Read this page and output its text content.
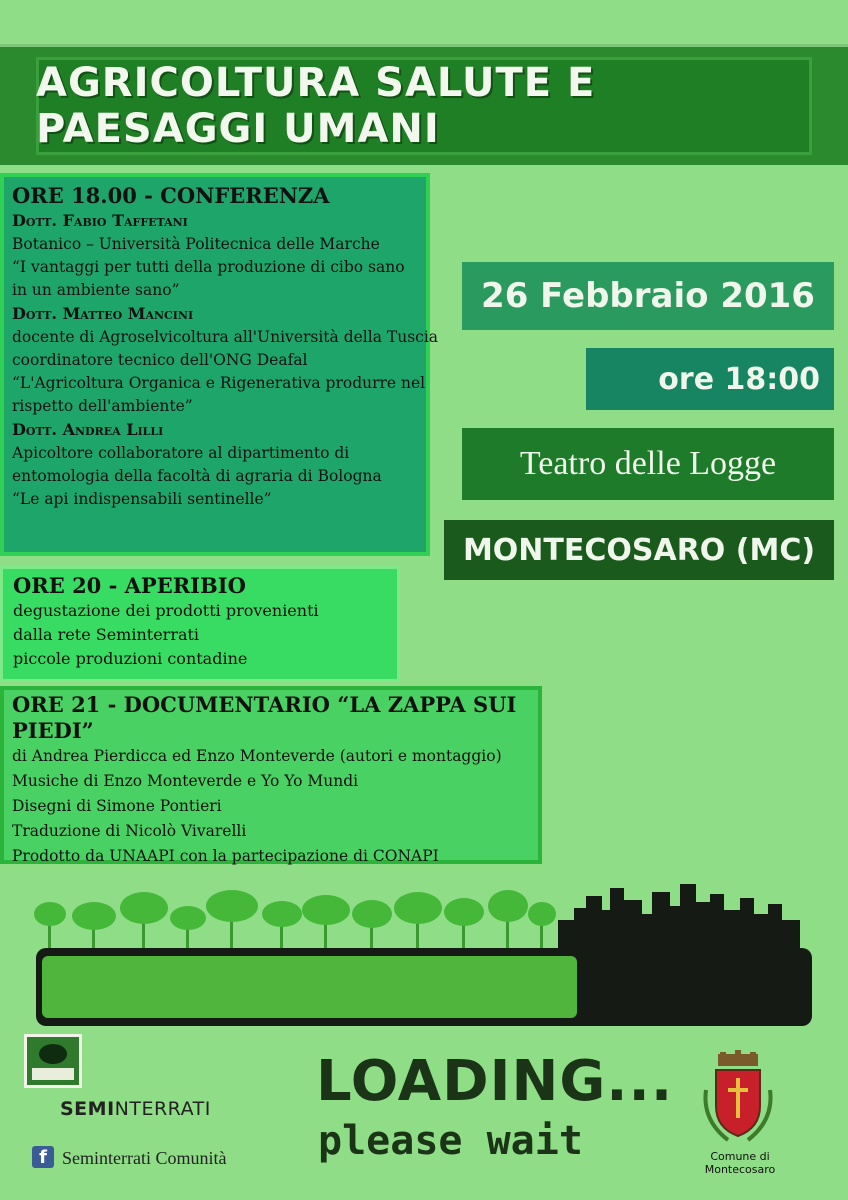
AGRICOLTURA SALUTE E PAESAGGI UMANI
ORE 18.00 - CONFERENZA
Dott. Fabio Taffetani
Botanico – Università Politecnica delle Marche
“I vantaggi per tutti della produzione di cibo sano
in un ambiente sano”
Dott. Matteo Mancini
docente di Agroselvicoltura all'Università della Tuscia
coordinatore tecnico dell'ONG Deafal
“L'Agricoltura Organica e Rigenerativa produrre nel
rispetto dell'ambiente”
Dott. Andrea Lilli
Apicoltore collaboratore al dipartimento di
entomologia della facoltà di agraria di Bologna
“Le api indispensabili sentinelle”
26 Febbraio 2016
ore 18:00
Teatro delle Logge
MONTECOSARO (MC)
ORE 20 - APERIBIO
degustazione dei prodotti provenienti
dalla rete Seminterrati
piccole produzioni contadine
ORE 21 - DOCUMENTARIO “LA ZAPPA SUI PIEDI”
di Andrea Pierdicca ed Enzo Monteverde (autori e montaggio)
Musiche di Enzo Monteverde e Yo Yo Mundi
Disegni di Simone Pontieri
Traduzione di Nicolò Vivarelli
Prodotto da UNAAPI con la partecipazione di CONAPI
SEMINTERRATI
f Seminterrati Comunità
LOADING...
please wait	Comune di
Montecosaro
